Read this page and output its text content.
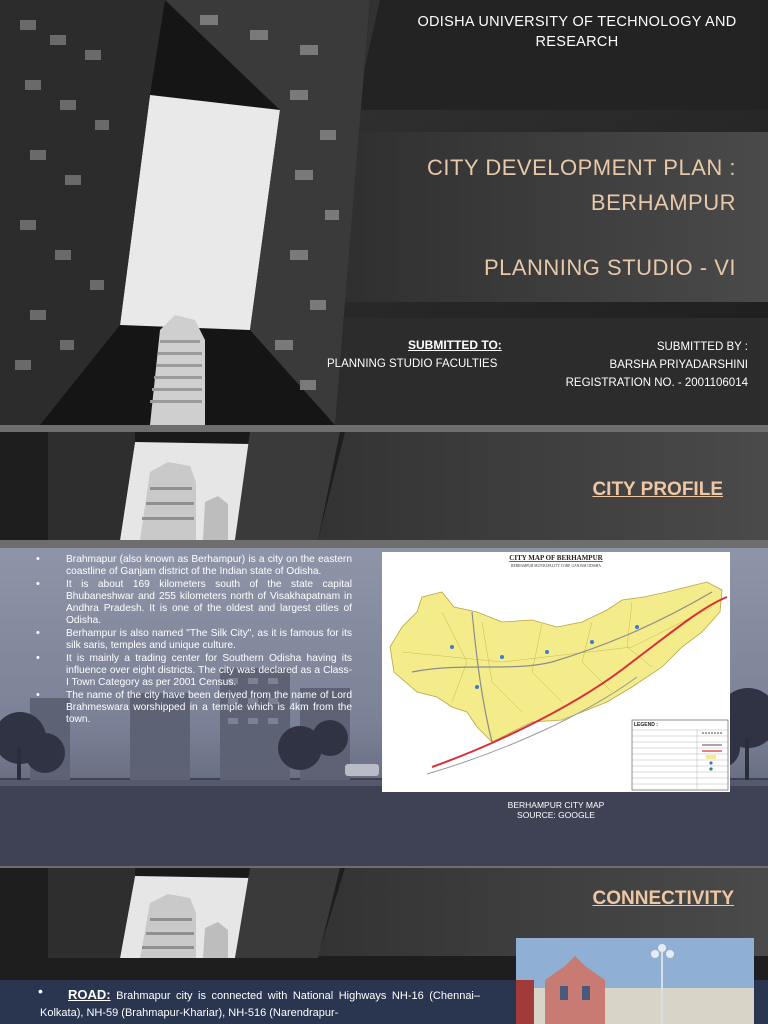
ODISHA UNIVERSITY OF TECHNOLOGY AND RESEARCH
CITY DEVELOPMENT PLAN :
BERHAMPUR
PLANNING STUDIO - VI
SUBMITTED TO:
PLANNING STUDIO FACULTIES
SUBMITTED BY :
BARSHA PRIYADARSHINI
REGISTRATION NO. - 2001106014
CITY PROFILE
•	Brahmapur (also known as Berhampur) is a city on the eastern coastline of Ganjam district of the Indian state of Odisha.
•	It is about 169 kilometers south of the state capital Bhubaneshwar and 255 kilometers north of Visakhapatnam in Andhra Pradesh. It is one of the oldest and largest cities of Odisha.
•	Berhampur is also named "The Silk City", as it is famous for its silk saris, temples and unique culture.
•	It is mainly a trading center for Southern Odisha having its influence over eight districts. The city was declared as a Class-I Town Category as per 2001 Census.
•	The name of the city have been derived from the name of Lord Brahmeswara worshipped in a temple which is 4km from the town.
CITY MAP OF BERHAMPUR
BERHAMPUR MUNICIPALITY CORP, GANJAM ODISHA
LEGEND :
BERHAMPUR CITY MAP
SOURCE: GOOGLE
CONNECTIVITY
•	ROAD: Brahmapur city is connected with National Highways NH-16 (Chennai–Kolkata), NH-59 (Brahmapur-Khariar), NH-516 (Narendrapur-
